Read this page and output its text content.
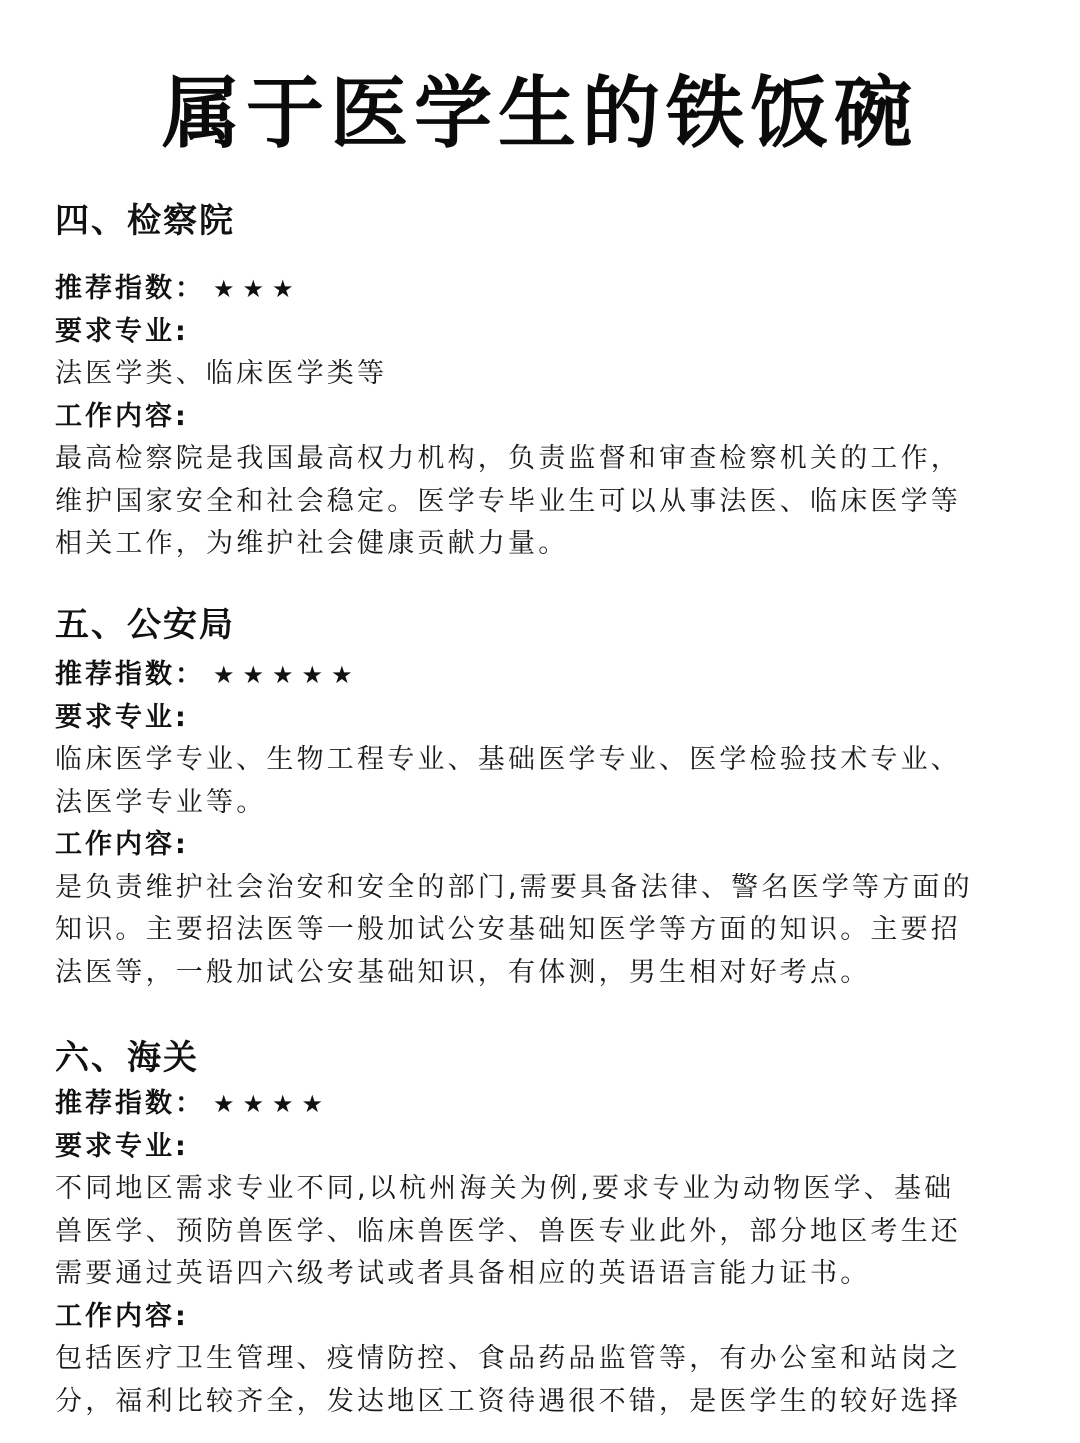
属于医学生的铁饭碗
四、检察院
推荐指数： ★★★
要求专业:
法医学类、临床医学类等
工作内容:
最高检察院是我国最高权力机构，负责监督和审查检察机关的工作，
维护国家安全和社会稳定。医学专毕业生可以从事法医、临床医学等
相关工作，为维护社会健康贡献力量。
五、公安局
推荐指数： ★★★★★
要求专业:
临床医学专业、生物工程专业、基础医学专业、医学检验技术专业、
法医学专业等。
工作内容:
是负责维护社会治安和安全的部门,需要具备法律、警名医学等方面的
知识。主要招法医等一般加试公安基础知医学等方面的知识。主要招
法医等，一般加试公安基础知识，有体测，男生相对好考点。
六、海关
推荐指数： ★★★★
要求专业:
不同地区需求专业不同,以杭州海关为例,要求专业为动物医学、基础
兽医学、预防兽医学、临床兽医学、兽医专业此外，部分地区考生还
需要通过英语四六级考试或者具备相应的英语语言能力证书。
工作内容:
包括医疗卫生管理、疫情防控、食品药品监管等，有办公室和站岗之
分，福利比较齐全，发达地区工资待遇很不错，是医学生的较好选择
